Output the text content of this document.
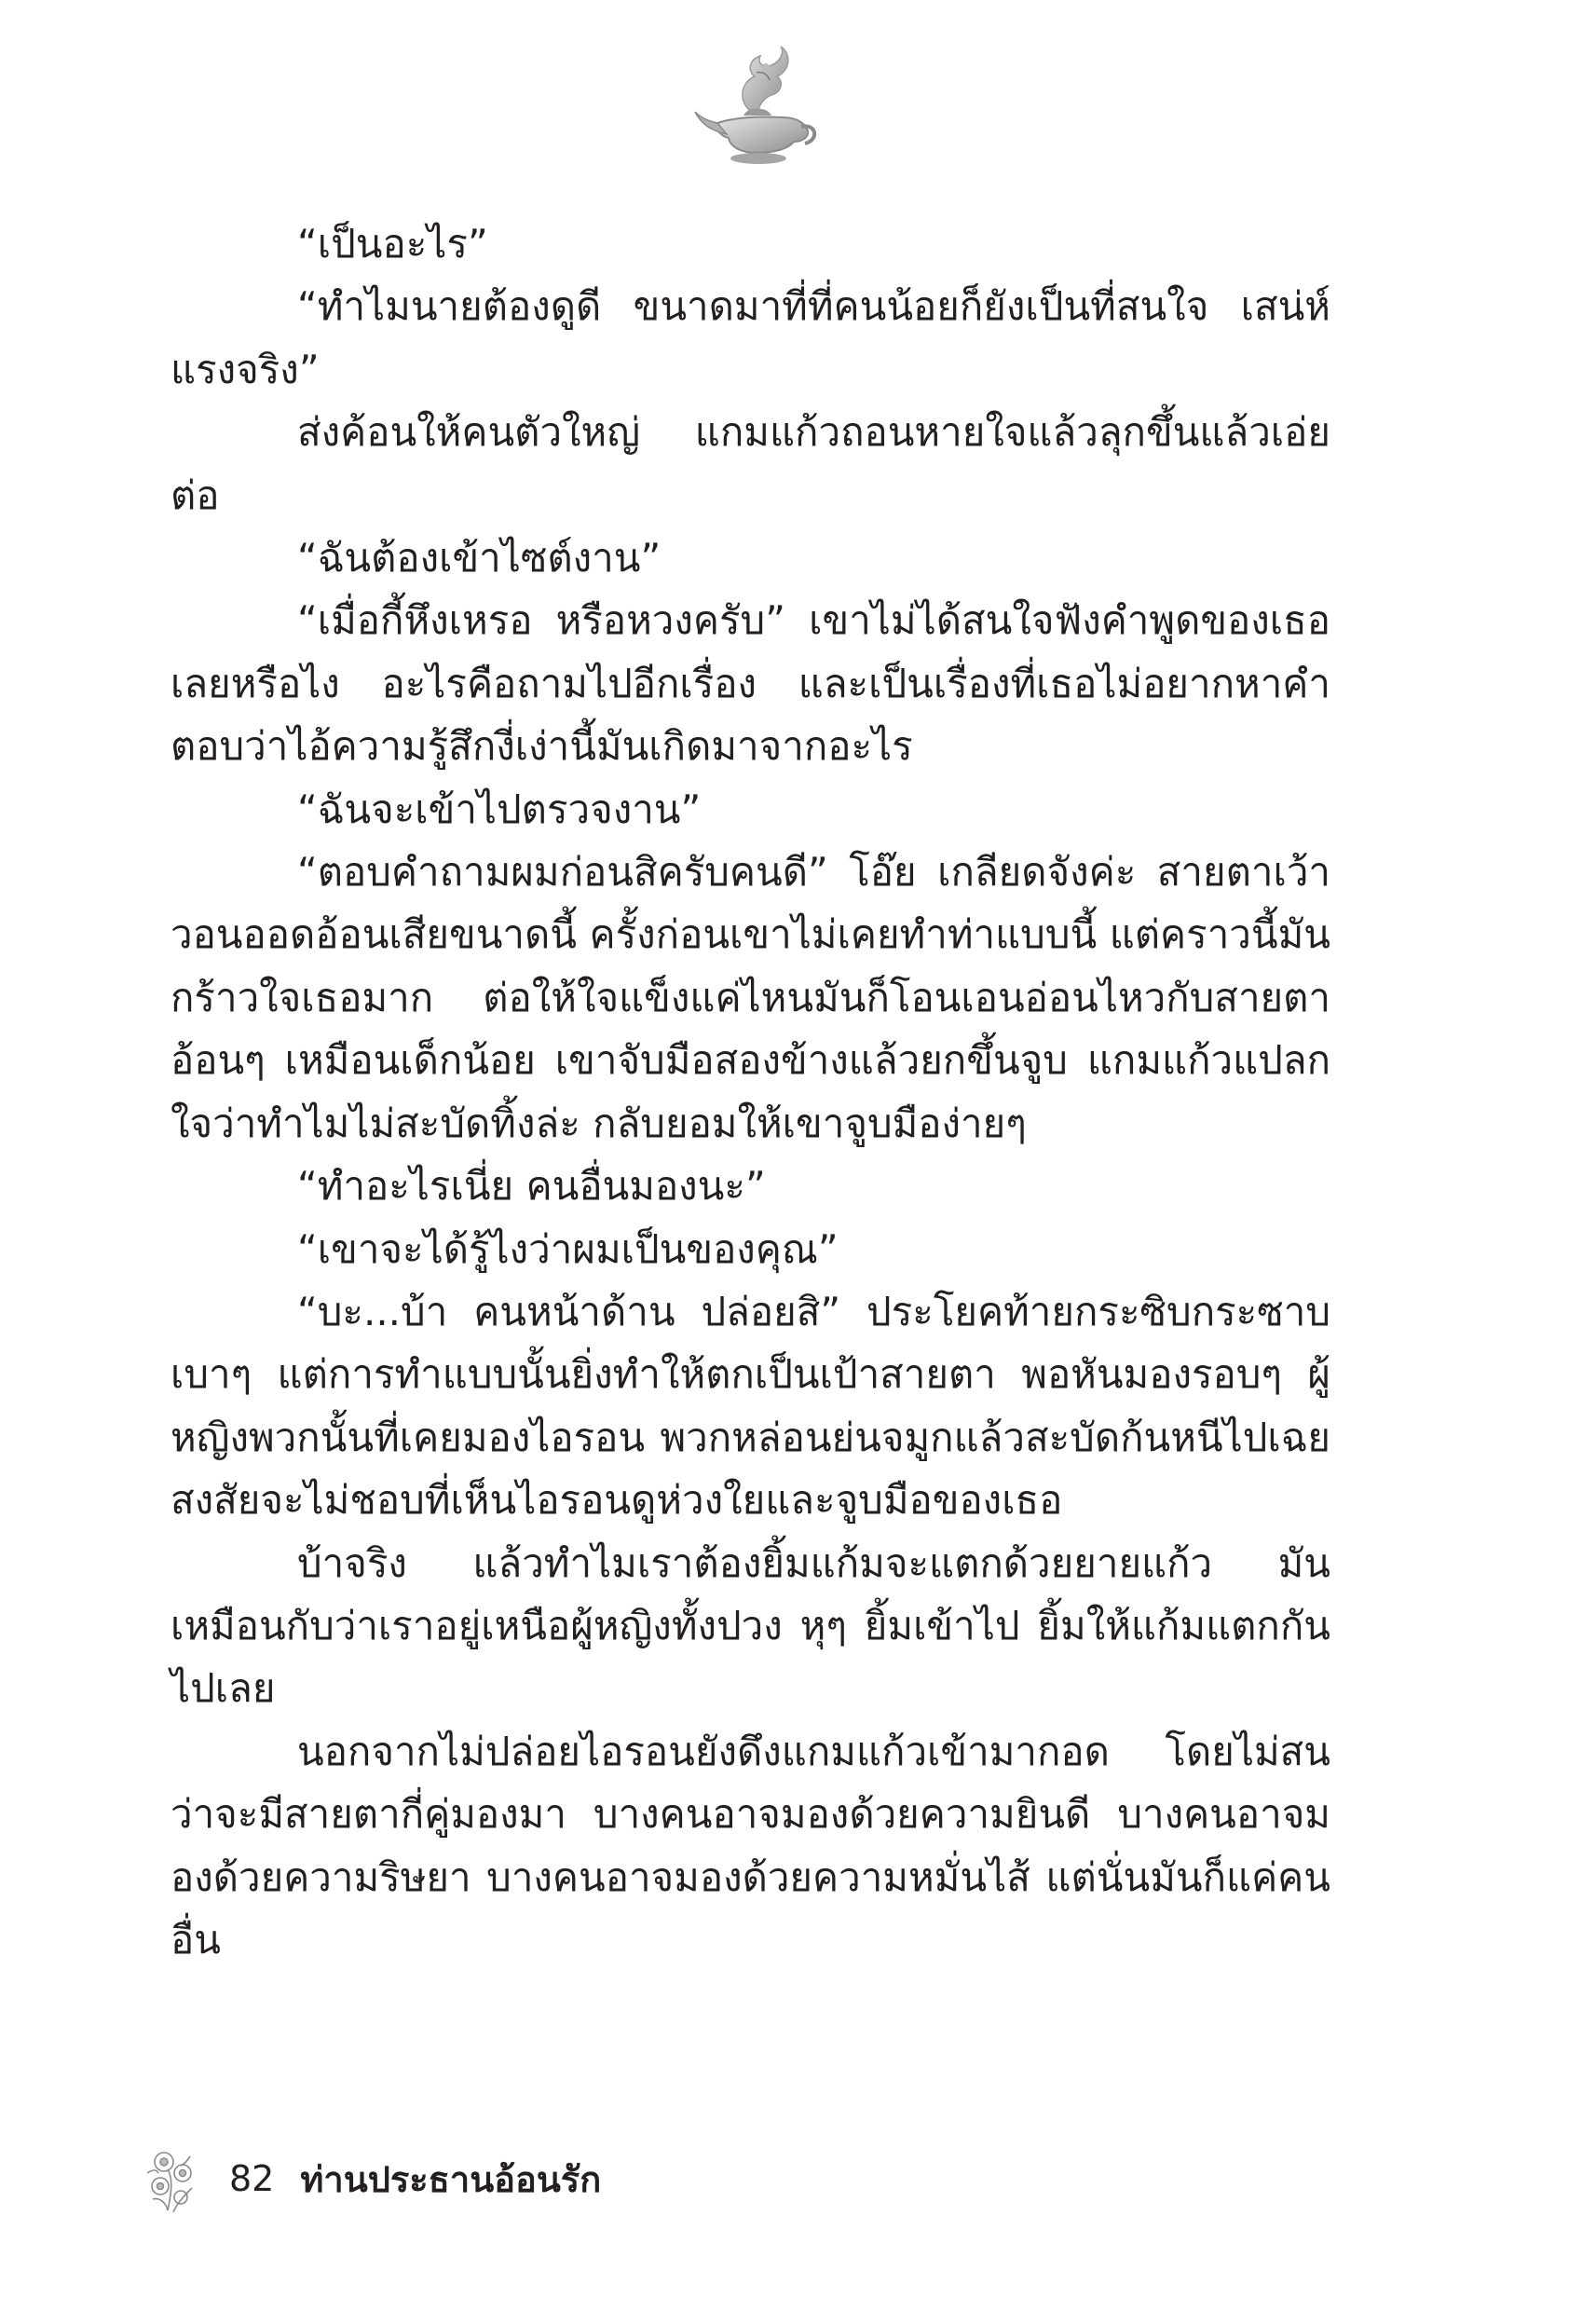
“เป็นอะไร”

“ทำไมนายต้องดูดี ขนาดมาที่ที่คนน้อยก็ยังเป็นที่สนใจ เสน่ห์แรงจริง”

ส่งค้อนให้คนตัวใหญ่ แกมแก้วถอนหายใจแล้วลุกขึ้นแล้วเอ่ยต่อ

“ฉันต้องเข้าไซต์งาน”

“เมื่อกี้หึงเหรอ หรือหวงครับ” เขาไม่ได้สนใจฟังคำพูดของเธอเลยหรือไง อะไรคือถามไปอีกเรื่อง และเป็นเรื่องที่เธอไม่อยากหาคำตอบว่าไอ้ความรู้สึกงี่เง่านี้มันเกิดมาจากอะไร

“ฉันจะเข้าไปตรวจงาน”

“ตอบคำถามผมก่อนสิครับคนดี” โอ๊ย เกลียดจังค่ะ สายตาเว้าวอนออดอ้อนเสียขนาดนี้ ครั้งก่อนเขาไม่เคยทำท่าแบบนี้ แต่คราวนี้มันกร้าวใจเธอมาก ต่อให้ใจแข็งแค่ไหนมันก็โอนเอนอ่อนไหวกับสายตาอ้อนๆ เหมือนเด็กน้อย เขาจับมือสองข้างแล้วยกขึ้นจูบ แกมแก้วแปลกใจว่าทำไมไม่สะบัดทิ้งล่ะ กลับยอมให้เขาจูบมือง่ายๆ

“ทำอะไรเนี่ย คนอื่นมองนะ”

“เขาจะได้รู้ไงว่าผมเป็นของคุณ”

“บะ...บ้า คนหน้าด้าน ปล่อยสิ” ประโยคท้ายกระซิบกระซาบเบาๆ แต่การทำแบบนั้นยิ่งทำให้ตกเป็นเป้าสายตา พอหันมองรอบๆ ผู้หญิงพวกนั้นที่เคยมองไอรอน พวกหล่อนย่นจมูกแล้วสะบัดก้นหนีไปเฉย สงสัยจะไม่ชอบที่เห็นไอรอนดูห่วงใยและจูบมือของเธอ

บ้าจริง แล้วทำไมเราต้องยิ้มแก้มจะแตกด้วยยายแก้ว มันเหมือนกับว่าเราอยู่เหนือผู้หญิงทั้งปวง หุๆ ยิ้มเข้าไป ยิ้มให้แก้มแตกกันไปเลย

นอกจากไม่ปล่อยไอรอนยังดึงแกมแก้วเข้ามากอด โดยไม่สนว่าจะมีสายตากี่คู่มองมา บางคนอาจมองด้วยความยินดี บางคนอาจมองด้วยความริษยา บางคนอาจมองด้วยความหมั่นไส้ แต่นั่นมันก็แค่คนอื่น

82 ท่านประธานอ้อนรัก
